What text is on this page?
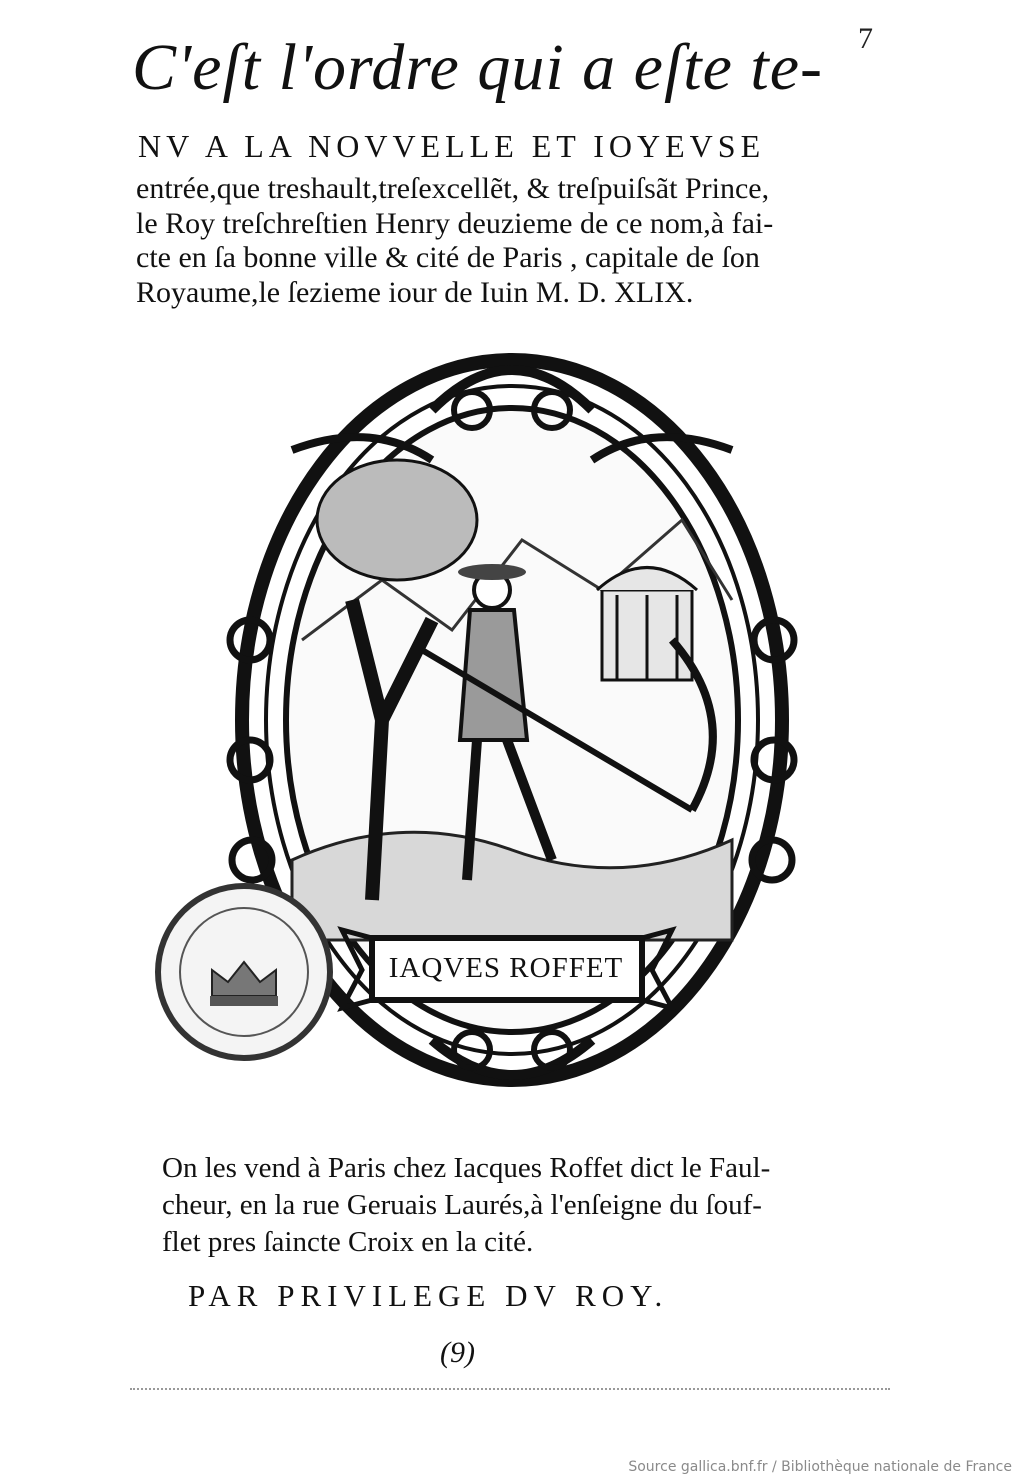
7
C'eſt l'ordre qui a eſte te-
NV A LA NOVVELLE ET IOYEVSE
entrée,que treshault,treſexcellẽt, & treſpuiſsãt Prince,
le Roy treſchreſtien Henry deuzieme de ce nom,à fai-
cte en ſa bonne ville & cité de Paris , capitale de ſon
Royaume,le ſezieme iour de Iuin M. D. XLIX.
IAQVES ROFFET
On les vend à Paris chez Iacques Roffet dict le Faul-
cheur, en la rue Geruais Laurés,à l'enſeigne du ſouf-
flet pres ſaincte Croix en la cité.
PAR PRIVILEGE DV ROY.
(9)
Source gallica.bnf.fr / Bibliothèque nationale de France
